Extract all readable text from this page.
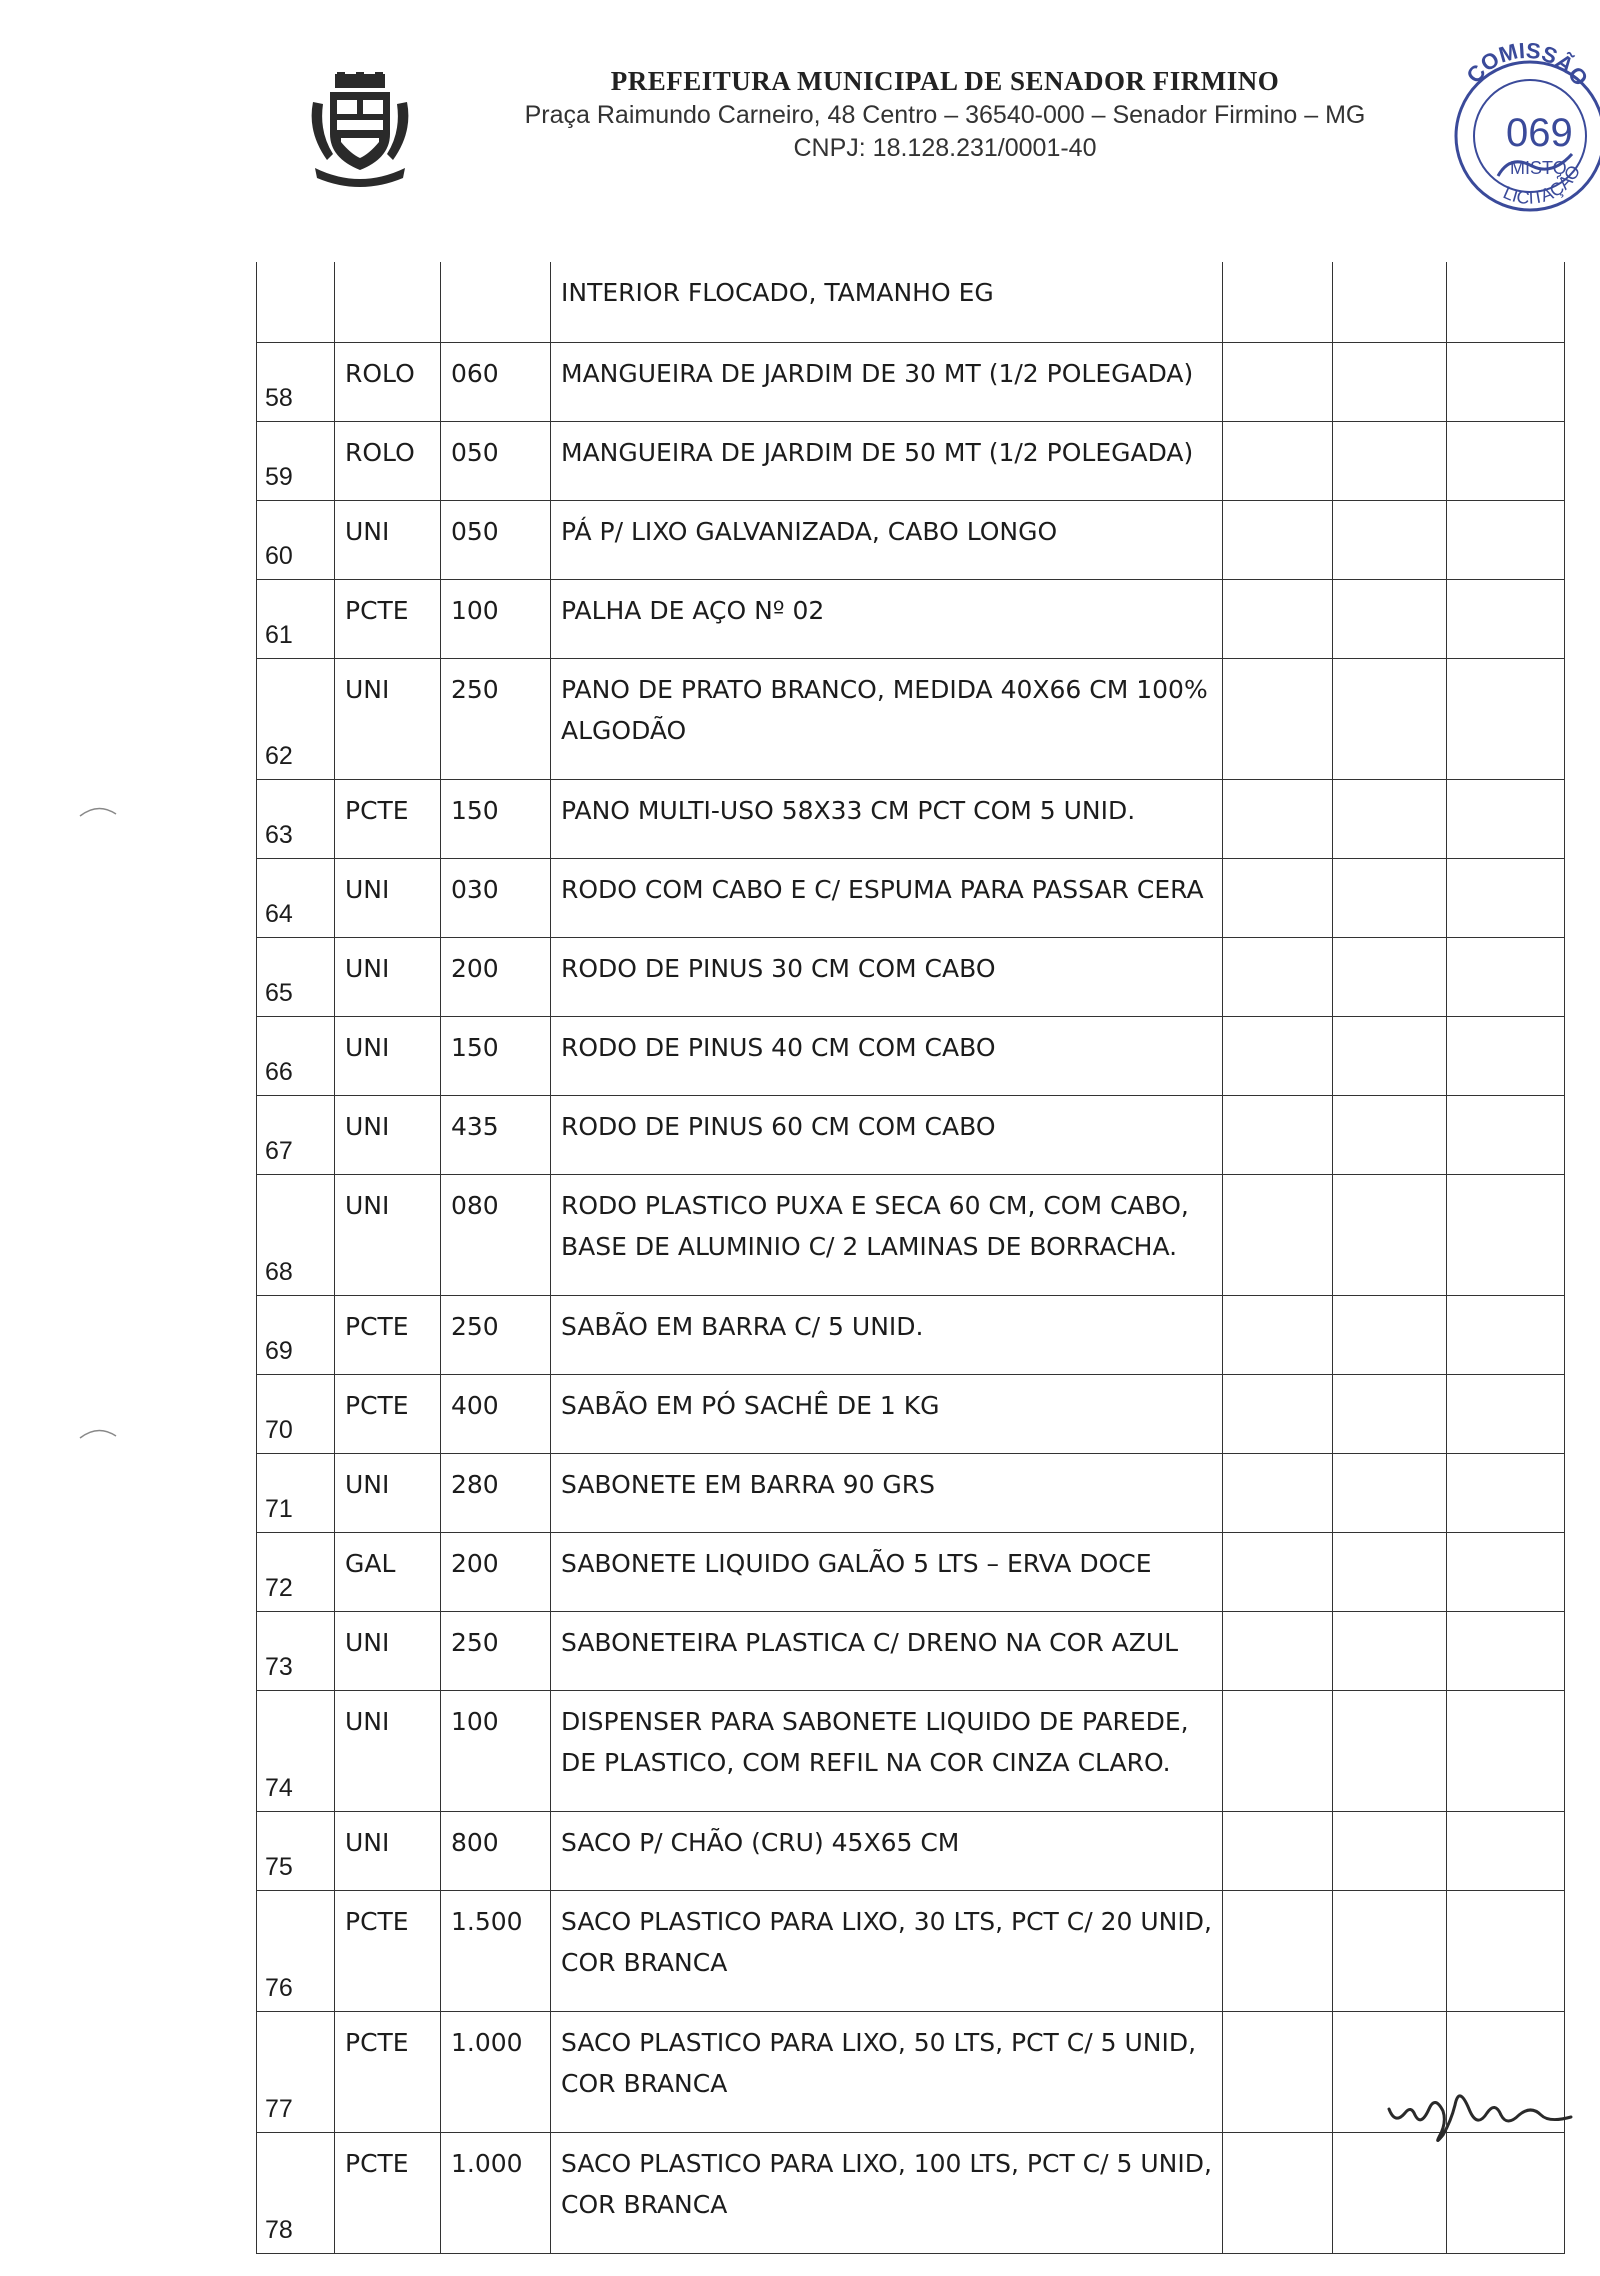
PREFEITURA MUNICIPAL DE SENADOR FIRMINO
Praça Raimundo Carneiro, 48 Centro – 36540-000 – Senador Firmino – MG
CNPJ: 18.128.231/0001-40
COMISSÃO
069
MISTO
LICITAÇÃO
			INTERIOR FLOCADO, TAMANHO EG			
58	ROLO	060	MANGUEIRA DE JARDIM DE 30 MT (1/2 POLEGADA)			
59	ROLO	050	MANGUEIRA DE JARDIM DE 50 MT (1/2 POLEGADA)			
60	UNI	050	PÁ P/ LIXO GALVANIZADA, CABO LONGO			
61	PCTE	100	PALHA DE AÇO Nº 02			
62	UNI	250	PANO DE PRATO BRANCO, MEDIDA 40X66 CM 100% ALGODÃO			
63	PCTE	150	PANO MULTI-USO 58X33 CM PCT COM 5 UNID.			
64	UNI	030	RODO COM CABO E C/ ESPUMA PARA PASSAR CERA			
65	UNI	200	RODO DE PINUS 30 CM COM CABO			
66	UNI	150	RODO DE PINUS 40 CM COM CABO			
67	UNI	435	RODO DE PINUS 60 CM COM CABO			
68	UNI	080	RODO PLASTICO PUXA E SECA 60 CM, COM CABO, BASE DE ALUMINIO C/ 2 LAMINAS DE BORRACHA.			
69	PCTE	250	SABÃO EM BARRA C/ 5 UNID.			
70	PCTE	400	SABÃO EM PÓ SACHÊ DE 1 KG			
71	UNI	280	SABONETE EM BARRA 90 GRS			
72	GAL	200	SABONETE LIQUIDO GALÃO 5 LTS – ERVA DOCE			
73	UNI	250	SABONETEIRA PLASTICA C/ DRENO NA COR AZUL			
74	UNI	100	DISPENSER PARA SABONETE LIQUIDO DE PAREDE, DE PLASTICO, COM REFIL NA COR CINZA CLARO.			
75	UNI	800	SACO P/ CHÃO (CRU) 45X65 CM			
76	PCTE	1.500	SACO PLASTICO PARA LIXO, 30 LTS, PCT C/ 20 UNID, COR BRANCA			
77	PCTE	1.000	SACO PLASTICO PARA LIXO, 50 LTS, PCT C/ 5 UNID, COR BRANCA			
78	PCTE	1.000	SACO PLASTICO PARA LIXO, 100 LTS, PCT C/ 5 UNID, COR BRANCA			
